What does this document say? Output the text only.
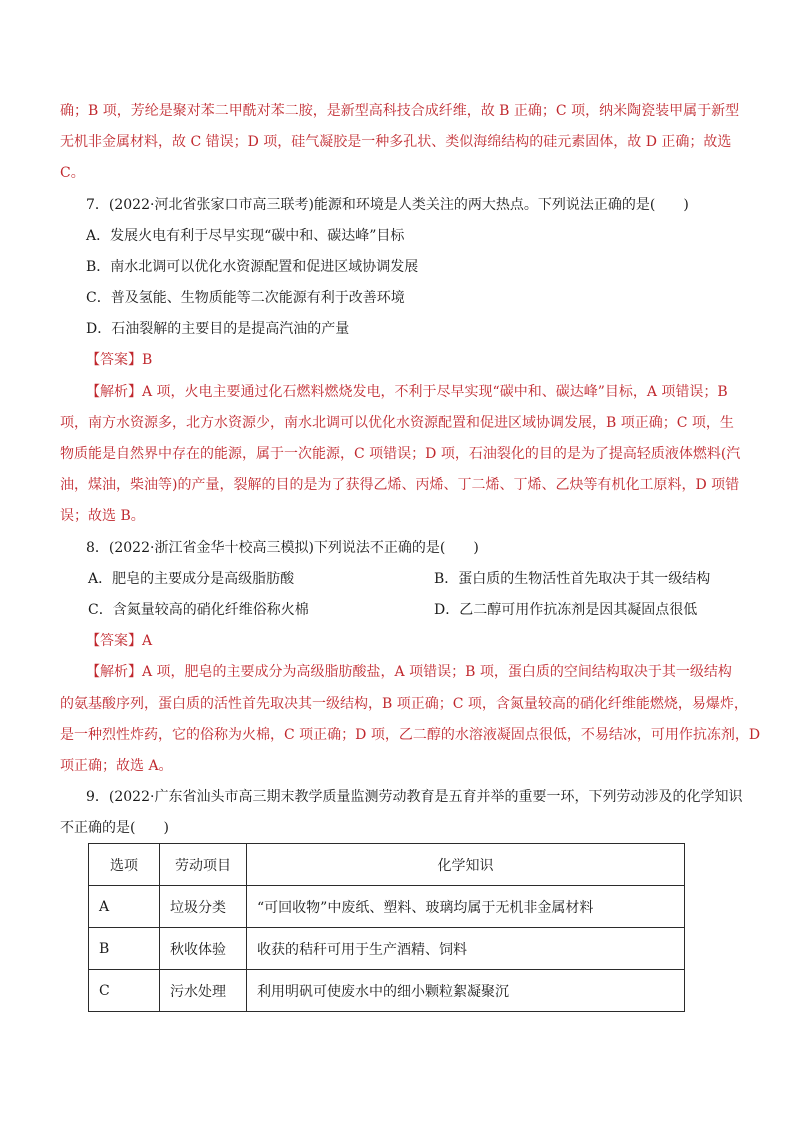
确；B 项，芳纶是聚对苯二甲酰对苯二胺，是新型高科技合成纤维，故 B 正确；C 项，纳米陶瓷装甲属于新型
无机非金属材料，故 C 错误；D 项，硅气凝胶是一种多孔状、类似海绵结构的硅元素固体，故 D 正确；故选
C。
7．(2022·河北省张家口市高三联考)能源和环境是人类关注的两大热点。下列说法正确的是(　　)
A．发展火电有利于尽早实现“碳中和、碳达峰”目标
B．南水北调可以优化水资源配置和促进区域协调发展
C．普及氢能、生物质能等二次能源有利于改善环境
D．石油裂解的主要目的是提高汽油的产量
【答案】B
【解析】A 项，火电主要通过化石燃料燃烧发电，不利于尽早实现“碳中和、碳达峰”目标，A 项错误；B
项，南方水资源多，北方水资源少，南水北调可以优化水资源配置和促进区域协调发展，B 项正确；C 项，生
物质能是自然界中存在的能源，属于一次能源，C 项错误；D 项，石油裂化的目的是为了提高轻质液体燃料(汽
油，煤油，柴油等)的产量，裂解的目的是为了获得乙烯、丙烯、丁二烯、丁烯、乙炔等有机化工原料，D 项错
误；故选 B。
8．(2022·浙江省金华十校高三模拟)下列说法不正确的是(　　)
A．肥皂的主要成分是高级脂肪酸	B．蛋白质的生物活性首先取决于其一级结构
C．含氮量较高的硝化纤维俗称火棉	D．乙二醇可用作抗冻剂是因其凝固点很低
【答案】A
【解析】A 项，肥皂的主要成分为高级脂肪酸盐，A 项错误；B 项，蛋白质的空间结构取决于其一级结构
的氨基酸序列，蛋白质的活性首先取决其一级结构，B 项正确；C 项，含氮量较高的硝化纤维能燃烧，易爆炸，
是一种烈性炸药，它的俗称为火棉，C 项正确；D 项，乙二醇的水溶液凝固点很低，不易结冰，可用作抗冻剂，D
项正确；故选 A。
9．(2022·广东省汕头市高三期末教学质量监测劳动教育是五育并举的重要一环，下列劳动涉及的化学知识
不正确的是(　　)
选项	劳动项目	化学知识
A	垃圾分类	“可回收物”中废纸、塑料、玻璃均属于无机非金属材料
B	秋收体验	收获的秸秆可用于生产酒精、饲料
C	污水处理	利用明矾可使废水中的细小颗粒絮凝聚沉
